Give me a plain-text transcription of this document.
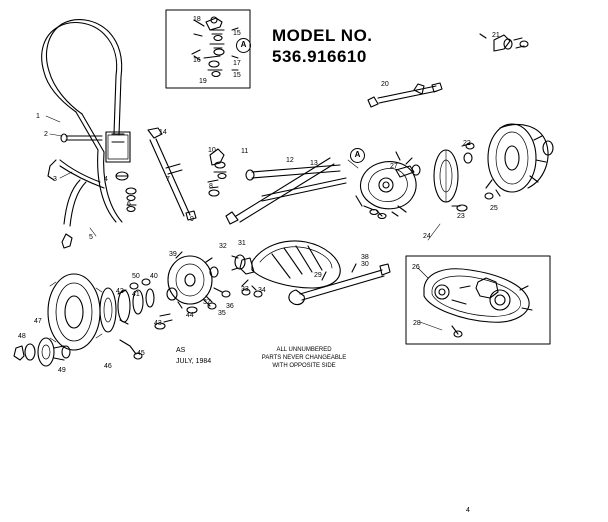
MODEL NO.
536.916610
A
A
AS
JULY, 1984
ALL UNNUMBERED
PARTS NEVER CHANGEABLE
WITH OPPOSITE SIDE
4
1
2
3	4
5
6
7
8
9
10	11
12 13
14
15
16	17
18
15
19	20
21
22
23
24
25
26
27
28
29
30
31
32
33 34
35
36
37
38
39
40
41
42
43
44
45
46
47
48
49
50
